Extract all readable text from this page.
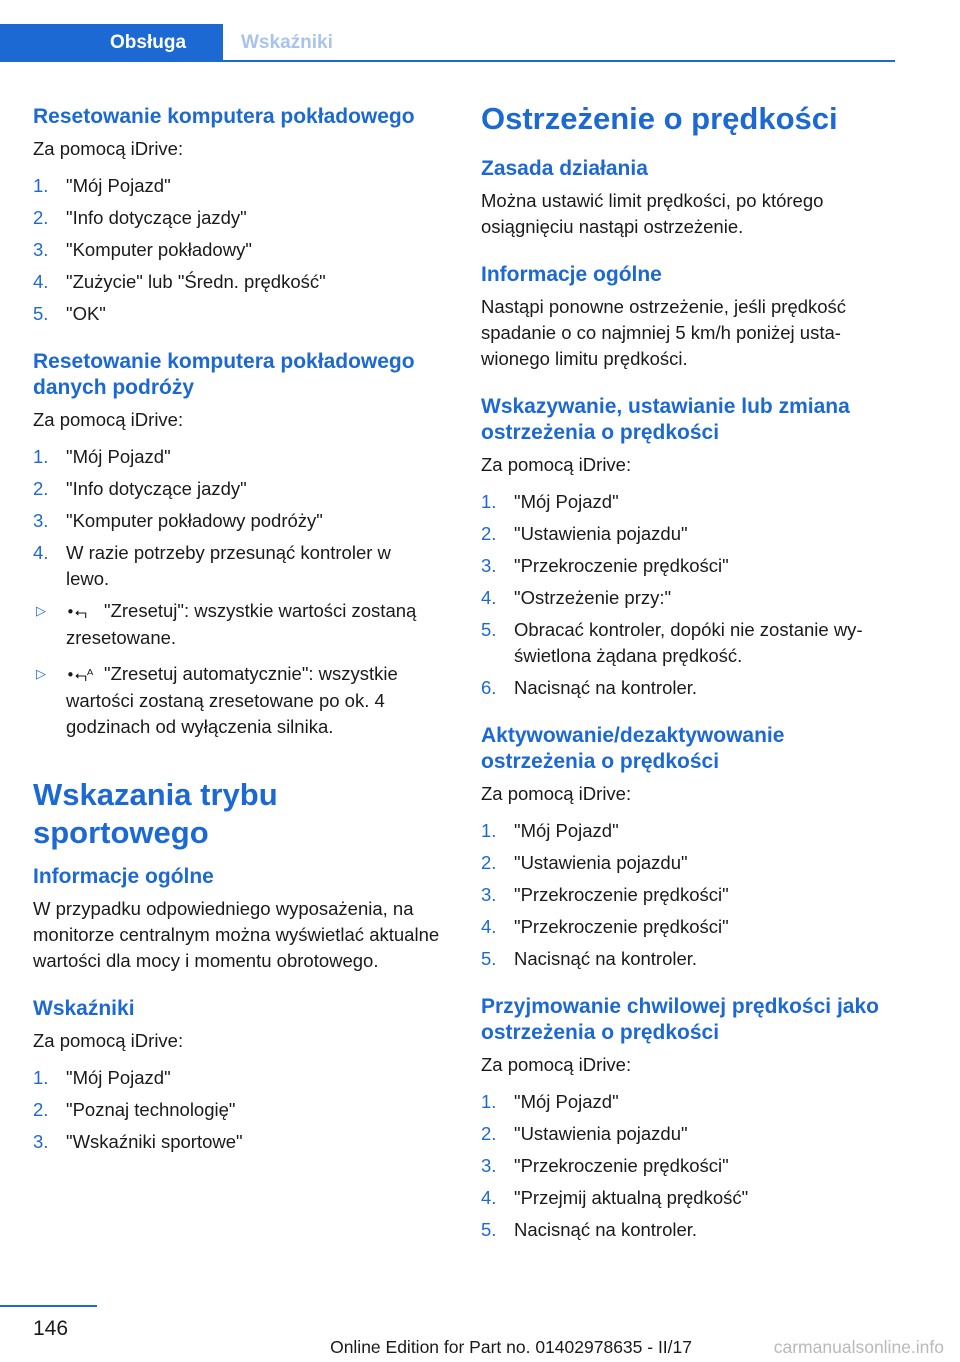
Obsługa	Wskaźniki
Resetowanie komputera pokładowego

Za pomocą iDrive:

1. "Mój Pojazd"
2. "Info dotyczące jazdy"
3. "Komputer pokładowy"
4. "Zużycie" lub "Średn. prędkość"
5. "OK"
Resetowanie komputera pokładowego danych podróży

Za pomocą iDrive:

1. "Mój Pojazd"
2. "Info dotyczące jazdy"
3. "Komputer pokładowy podróży"
4. W razie potrzeby przesunąć kontroler w lewo.
▷ •⮢ "Zresetuj": wszystkie wartości zostaną zresetowane.
▷ •⮢ᴬ "Zresetuj automatycznie": wszystkie wartości zostaną zresetowane po ok. 4 godzinach od wyłączenia silnika.
Wskazania trybu sportowego
Informacje ogólne

W przypadku odpowiedniego wyposażenia, na monitorze centralnym można wyświetlać aktualne wartości dla mocy i momentu obrotowego.

Wskaźniki

Za pomocą iDrive:

1. "Mój Pojazd"
2. "Poznaj technologię"
3. "Wskaźniki sportowe"
Ostrzeżenie o prędkości
Zasada działania

Można ustawić limit prędkości, po którego osiągnięciu nastąpi ostrzeżenie.

Informacje ogólne

Nastąpi ponowne ostrzeżenie, jeśli prędkość spadanie o co najmniej 5 km/h poniżej ustawionego limitu prędkości.

Wskazywanie, ustawianie lub zmiana ostrzeżenia o prędkości

Za pomocą iDrive:

1. "Mój Pojazd"
2. "Ustawienia pojazdu"
3. "Przekroczenie prędkości"
4. "Ostrzeżenie przy:"
5. Obracać kontroler, dopóki nie zostanie wyświetlona żądana prędkość.
6. Nacisnąć na kontroler.
Aktywowanie/dezaktywowanie ostrzeżenia o prędkości

Za pomocą iDrive:

1. "Mój Pojazd"
2. "Ustawienia pojazdu"
3. "Przekroczenie prędkości"
4. "Przekroczenie prędkości"
5. Nacisnąć na kontroler.
Przyjmowanie chwilowej prędkości jako ostrzeżenia o prędkości

Za pomocą iDrive:

1. "Mój Pojazd"
2. "Ustawienia pojazdu"
3. "Przekroczenie prędkości"
4. "Przejmij aktualną prędkość"
5. Nacisnąć na kontroler.
146
Online Edition for Part no. 01402978635 - II/17	carmanualsonline.info
